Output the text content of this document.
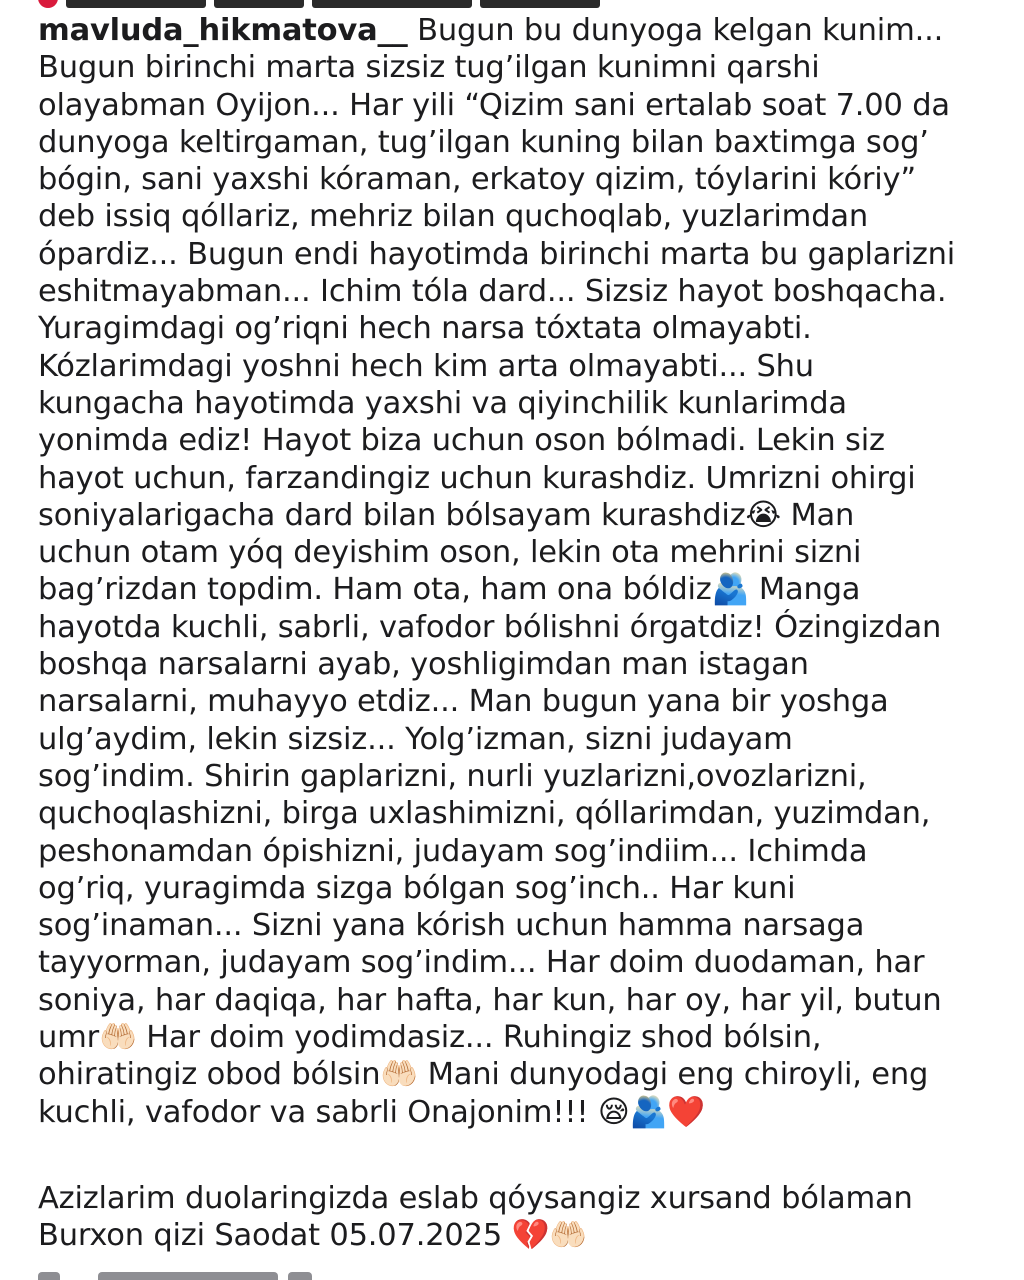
mavluda_hikmatova__ Bugun bu dunyoga kelgan kunim...
Bugun birinchi marta sizsiz tug’ilgan kunimni qarshi
olayabman Oyijon... Har yili “Qizim sani ertalab soat 7.00 da
dunyoga keltirgaman, tug’ilgan kuning bilan baxtimga sog’
bógin, sani yaxshi kóraman, erkatoy qizim, tóylarini kóriy”
deb issiq qóllariz, mehriz bilan quchoqlab, yuzlarimdan
ópardiz... Bugun endi hayotimda birinchi marta bu gaplarizni
eshitmayabman... Ichim tóla dard... Sizsiz hayot boshqacha.
Yuragimdagi og’riqni hech narsa tóxtata olmayabti.
Kózlarimdagi yoshni hech kim arta olmayabti... Shu
kungacha hayotimda yaxshi va qiyinchilik kunlarimda
yonimda ediz! Hayot biza uchun oson bólmadi. Lekin siz
hayot uchun, farzandingiz uchun kurashdiz. Umrizni ohirgi
soniyalarigacha dard bilan bólsayam kurashdiz😭 Man
uchun otam yóq deyishim oson, lekin ota mehrini sizni
bag’rizdan topdim. Ham ota, ham ona bóldiz🫂 Manga
hayotda kuchli, sabrli, vafodor bólishni órgatdiz! Ózingizdan
boshqa narsalarni ayab, yoshligimdan man istagan
narsalarni, muhayyo etdiz... Man bugun yana bir yoshga
ulg’aydim, lekin sizsiz... Yolg’izman, sizni judayam
sog’indim. Shirin gaplarizni, nurli yuzlarizni,ovozlarizni,
quchoqlashizni, birga uxlashimizni, qóllarimdan, yuzimdan,
peshonamdan ópishizni, judayam sog’indiim... Ichimda
og’riq, yuragimda sizga bólgan sog’inch.. Har kuni
sog’inaman... Sizni yana kórish uchun hamma narsaga
tayyorman, judayam sog’indim... Har doim duodaman, har
soniya, har daqiqa, har hafta, har kun, har oy, har yil, butun
umr🤲🏻 Har doim yodimdasiz... Ruhingiz shod bólsin,
ohiratingiz obod bólsin🤲🏻 Mani dunyodagi eng chiroyli, eng
kuchli, vafodor va sabrli Onajonim!!! 😪🫂❤️
Azizlarim duolaringizda eslab qóysangiz xursand bólaman
Burxon qizi Saodat 05.07.2025 💔🤲🏻
